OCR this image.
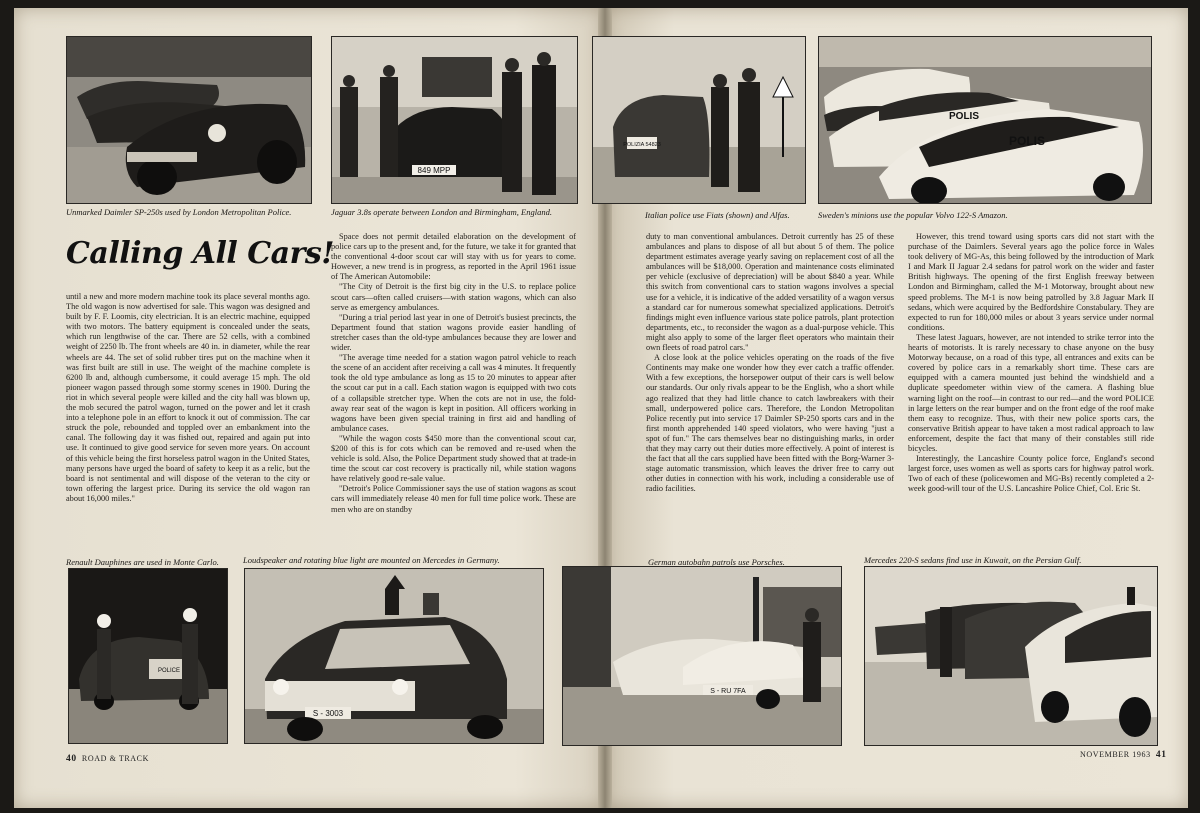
849 MPP
POLIZIA 54823
POLIS
POLIS
Unmarked Daimler SP-250s used by London Metropolitan Police.	Jaguar 3.8s operate between London and Birmingham, England.	Italian police use Fiats (shown) and Alfas.	Sweden's minions use the popular Volvo 122-S Amazon.
Calling All Cars!

until a new and more modern machine took its place several months ago. The old wagon is now advertised for sale. This wagon was designed and built by F. F. Loomis, city electrician. It is an electric machine, equipped with two motors. The battery equipment is concealed under the seats, which run lengthwise of the car. There are 52 cells, with a combined weight of 2250 lb. The front wheels are 40 in. in diameter, while the rear wheels are 44. The set of solid rubber tires put on the machine when it was first built are still in use. The weight of the machine complete is 6200 lb and, although cumbersome, it could average 15 mph. The old pioneer wagon passed through some stormy scenes in 1900. During the riot in which several people were killed and the city hall was blown up, the mob secured the patrol wagon, turned on the power and let it crash into a telephone pole in an effort to knock it out of commission. The car struck the pole, rebounded and toppled over an embankment into the canal. The following day it was fished out, repaired and again put into use. It continued to give good service for seven more years. On account of this vehicle being the first horseless patrol wagon in the United States, many persons have urged the board of safety to keep it as a relic, but the board is not sentimental and will dispose of the veteran to the city or town offering the largest price. During its service the old wagon ran about 16,000 miles."

Space does not permit detailed elaboration on the development of police cars up to the present and, for the future, we take it for granted that the conventional 4-door scout car will stay with us for years to come. However, a new trend is in progress, as reported in the April 1961 issue of The American Automobile:

"The City of Detroit is the first big city in the U.S. to replace police scout cars—often called cruisers—with station wagons, which can also serve as emergency ambulances.

"During a trial period last year in one of Detroit's busiest precincts, the Department found that station wagons provide easier handling of stretcher cases than the old-type ambulances because they are lower and wider.

"The average time needed for a station wagon patrol vehicle to reach the scene of an accident after receiving a call was 4 minutes. It frequently took the old type ambulance as long as 15 to 20 minutes to appear after the scout car put in a call. Each station wagon is equipped with two cots of a collapsible stretcher type. When the cots are not in use, the fold-away rear seat of the wagon is kept in position. All officers working in wagons have been given special training in first aid and handling of ambulance cases.

"While the wagon costs $450 more than the conventional scout car, $200 of this is for cots which can be removed and re-used when the vehicle is sold. Also, the Police Department study showed that at trade-in time the scout car cost recovery is practically nil, while station wagons have relatively good re-sale value.

"Detroit's Police Commissioner says the use of station wagons as scout cars will immediately release 40 men for full time police work. These are men who are on standby

duty to man conventional ambulances. Detroit currently has 25 of these ambulances and plans to dispose of all but about 5 of them. The police department estimates average yearly saving on replacement cost of all the ambulances will be $18,000. Operation and maintenance costs eliminated per vehicle (exclusive of depreciation) will be about $840 a year. While this switch from conventional cars to station wagons involves a special use for a vehicle, it is indicative of the added versatility of a wagon versus a standard car for numerous somewhat specialized applications. Detroit's findings might even influence various state police patrols, plant protection departments, etc., to reconsider the wagon as a dual-purpose vehicle. This might also apply to some of the larger fleet operators who maintain their own fleets of road patrol cars."

A close look at the police vehicles operating on the roads of the five Continents may make one wonder how they ever catch a traffic offender. With a few exceptions, the horsepower output of their cars is well below our standards. Our only rivals appear to be the English, who a short while ago realized that they had little chance to catch lawbreakers with their small, underpowered police cars. Therefore, the London Metropolitan Police recently put into service 17 Daimler SP-250 sports cars and in the first month apprehended 140 speed violators, who were having "just a spot of fun." The cars themselves bear no distinguishing marks, in order that they may carry out their duties more effectively. A point of interest is the fact that all the cars supplied have been fitted with the Borg-Warner 3-stage automatic transmission, which leaves the driver free to carry out other duties in connection with his work, including a considerable use of radio facilities.

However, this trend toward using sports cars did not start with the purchase of the Daimlers. Several years ago the police force in Wales took delivery of MG-As, this being followed by the introduction of Mark I and Mark II Jaguar 2.4 sedans for patrol work on the wider and faster British highways. The opening of the first English freeway between London and Birmingham, called the M-1 Motorway, brought about new speed problems. The M-1 is now being patrolled by 3.8 Jaguar Mark II sedans, which were acquired by the Bedfordshire Constabulary. They are expected to run for 180,000 miles or about 3 years service under normal conditions.

These latest Jaguars, however, are not intended to strike terror into the hearts of motorists. It is rarely necessary to chase anyone on the busy Motorway because, on a road of this type, all entrances and exits can be covered by police cars in a remarkably short time. These cars are equipped with a camera mounted just behind the windshield and a duplicate speedometer within view of the camera. A flashing blue warning light on the roof—in contrast to our red—and the word POLICE in large letters on the rear bumper and on the front edge of the roof make them easy to recognize. Thus, with their new police sports cars, the conservative British appear to have taken a most radical approach to law enforcement, despite the fact that many of their constables still ride bicycles.

Interestingly, the Lancashire County police force, England's second largest force, uses women as well as sports cars for highway patrol work. Two of each of these (policewomen and MG-Bs) recently completed a 2-week good-will tour of the U.S. Lancashire Police Chief, Col. Eric St.

Renault Dauphines are used in Monte Carlo.	Loudspeaker and rotating blue light are mounted on Mercedes in Germany.	German autobahn patrols use Porsches.	Mercedes 220-S sedans find use in Kuwait, on the Persian Gulf.
POLICE
S - 3003
S - RU 7FA
40 ROAD & TRACK	NOVEMBER 1963 41
